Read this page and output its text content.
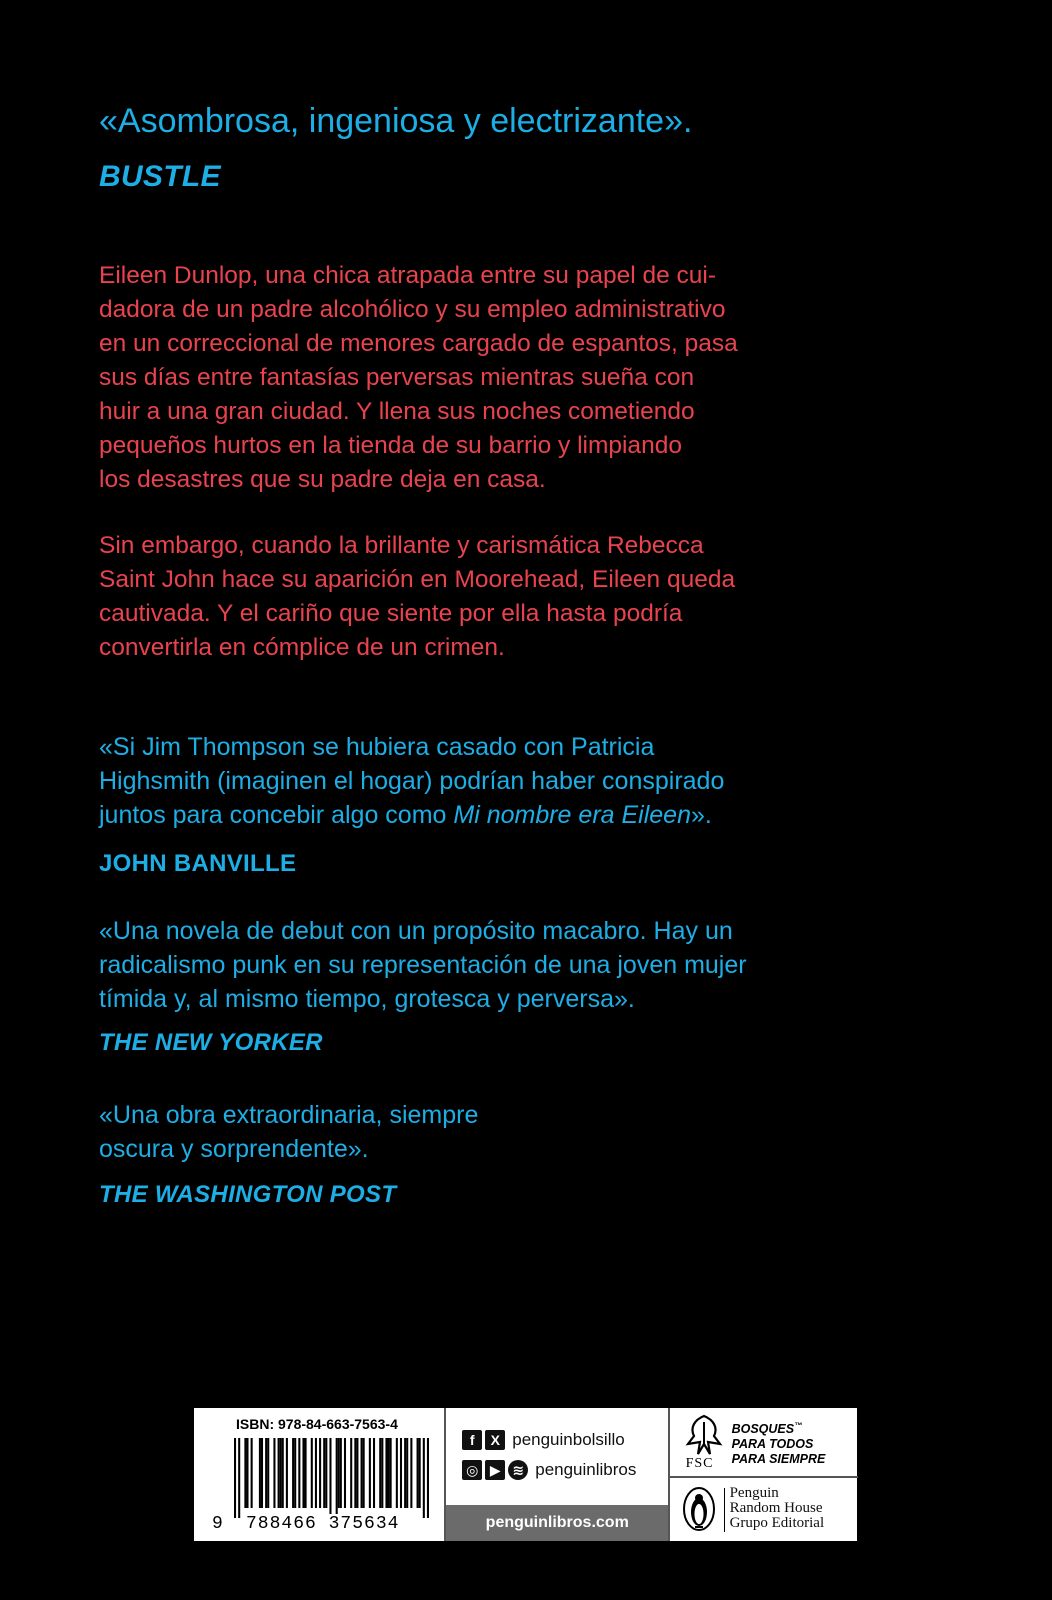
«Asombrosa, ingeniosa y electrizante».

BUSTLE

Eileen Dunlop, una chica atrapada entre su papel de cui-
dadora de un padre alcohólico y su empleo administrativo
en un correccional de menores cargado de espantos, pasa
sus días entre fantasías perversas mientras sueña con
huir a una gran ciudad. Y llena sus noches cometiendo
pequeños hurtos en la tienda de su barrio y limpiando
los desastres que su padre deja en casa.
Sin embargo, cuando la brillante y carismática Rebecca
Saint John hace su aparición en Moorehead, Eileen queda
cautivada. Y el cariño que siente por ella hasta podría
convertirla en cómplice de un crimen.
«Si Jim Thompson se hubiera casado con Patricia
Highsmith (imaginen el hogar) podrían haber conspirado
juntos para concebir algo como Mi nombre era Eileen».

JOHN BANVILLE

«Una novela de debut con un propósito macabro. Hay un
radicalismo punk en su representación de una joven mujer
tímida y, al mismo tiempo, grotesca y perversa».

THE NEW YORKER

«Una obra extraordinaria, siempre
oscura y sorprendente».

THE WASHINGTON POST

ISBN: 978-84-663-7563-4
9 788466 375634
f	X penguinbolsillo
◎ ▶ ≋ penguinlibros
penguinlibros.com
FSC
BOSQUES™
PARA TODOS
PARA SIEMPRE
Penguin
Random House
Grupo Editorial
